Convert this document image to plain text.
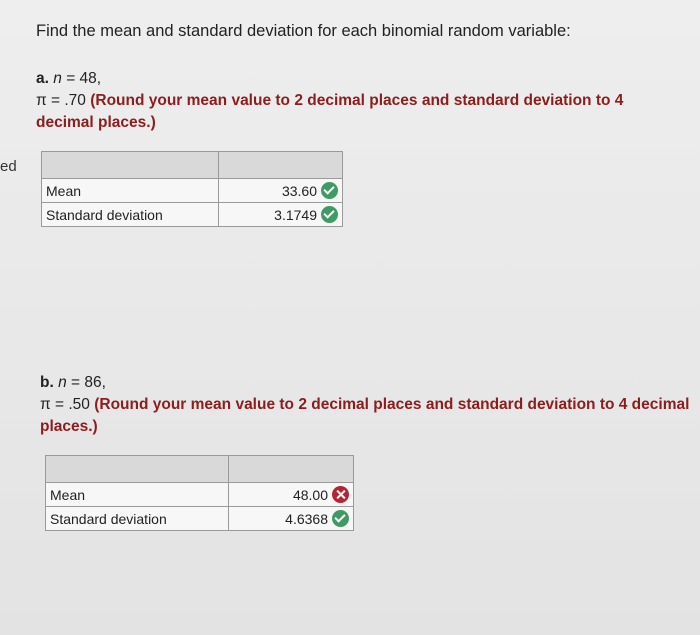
ed
Find the mean and standard deviation for each binomial random variable:
a. n = 48,
π = .70 (Round your mean value to 2 decimal places and standard deviation to 4 decimal places.)

Mean	33.60
Standard deviation	3.1749
b. n = 86,
π = .50 (Round your mean value to 2 decimal places and standard deviation to 4 decimal places.)

Mean	48.00
Standard deviation	4.6368
